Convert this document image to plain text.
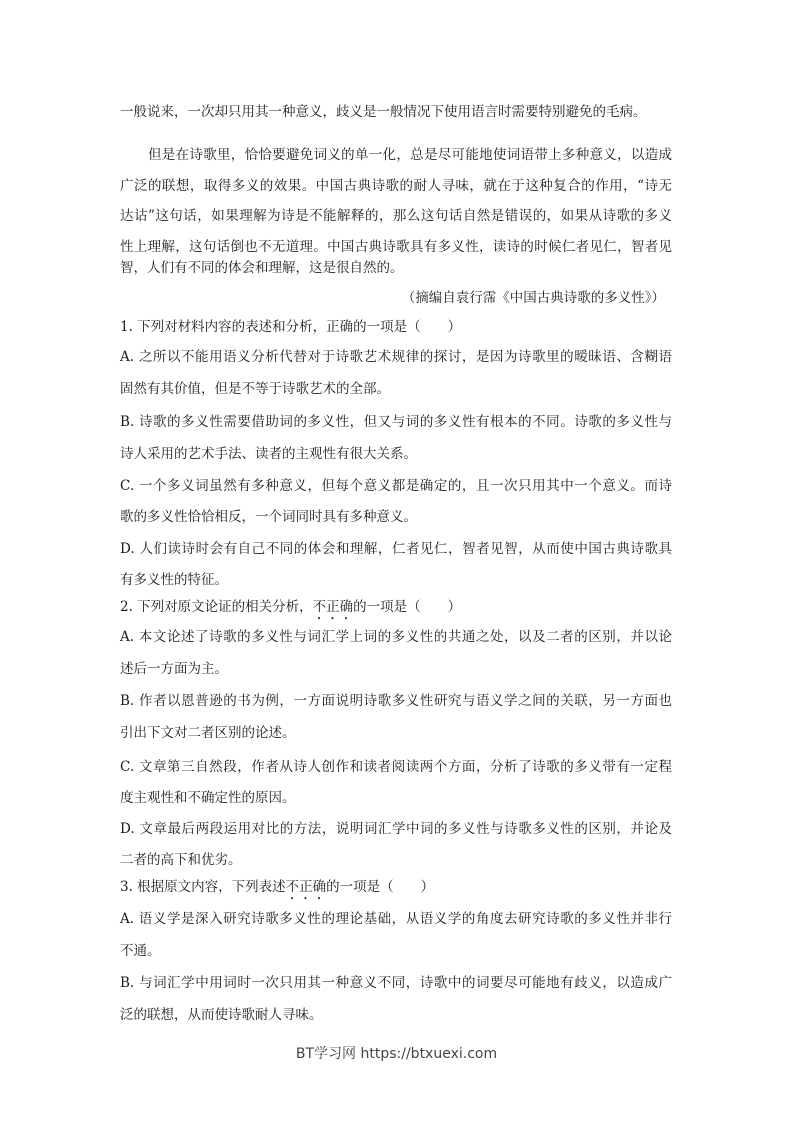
一般说来，一次却只用其一种意义，歧义是一般情况下使用语言时需要特别避免的毛病。
但是在诗歌里，恰恰要避免词义的单一化，总是尽可能地使词语带上多种意义，以造成
广泛的联想，取得多义的效果。中国古典诗歌的耐人寻味，就在于这种复合的作用，“诗无
达诂”这句话，如果理解为诗是不能解释的，那么这句话自然是错误的，如果从诗歌的多义
性上理解，这句话倒也不无道理。中国古典诗歌具有多义性，读诗的时候仁者见仁，智者见
智，人们有不同的体会和理解，这是很自然的。
（摘编自袁行霈《中国古典诗歌的多义性》）
1. 下列对材料内容的表述和分析，正确的一项是（　　）
A. 之所以不能用语义分析代替对于诗歌艺术规律的探讨，是因为诗歌里的暧昧语、含糊语
固然有其价值，但是不等于诗歌艺术的全部。
B. 诗歌的多义性需要借助词的多义性，但又与词的多义性有根本的不同。诗歌的多义性与
诗人采用的艺术手法、读者的主观性有很大关系。
C. 一个多义词虽然有多种意义，但每个意义都是确定的，且一次只用其中一个意义。而诗
歌的多义性恰恰相反，一个词同时具有多种意义。
D. 人们读诗时会有自己不同的体会和理解，仁者见仁，智者见智，从而使中国古典诗歌具
有多义性的特征。
2. 下列对原文论证的相关分析，不正确的一项是（　　）
A. 本文论述了诗歌的多义性与词汇学上词的多义性的共通之处，以及二者的区别，并以论
述后一方面为主。
B. 作者以恩普逊的书为例，一方面说明诗歌多义性研究与语义学之间的关联，另一方面也
引出下文对二者区别的论述。
C. 文章第三自然段，作者从诗人创作和读者阅读两个方面，分析了诗歌的多义带有一定程
度主观性和不确定性的原因。
D. 文章最后两段运用对比的方法，说明词汇学中词的多义性与诗歌多义性的区别，并论及
二者的高下和优劣。
3. 根据原文内容，下列表述不正确的一项是（　　）
A. 语义学是深入研究诗歌多义性的理论基础，从语义学的角度去研究诗歌的多义性并非行
不通。
B. 与词汇学中用词时一次只用其一种意义不同，诗歌中的词要尽可能地有歧义，以造成广
泛的联想，从而使诗歌耐人寻味。
BT学习网 https://btxuexi.com
